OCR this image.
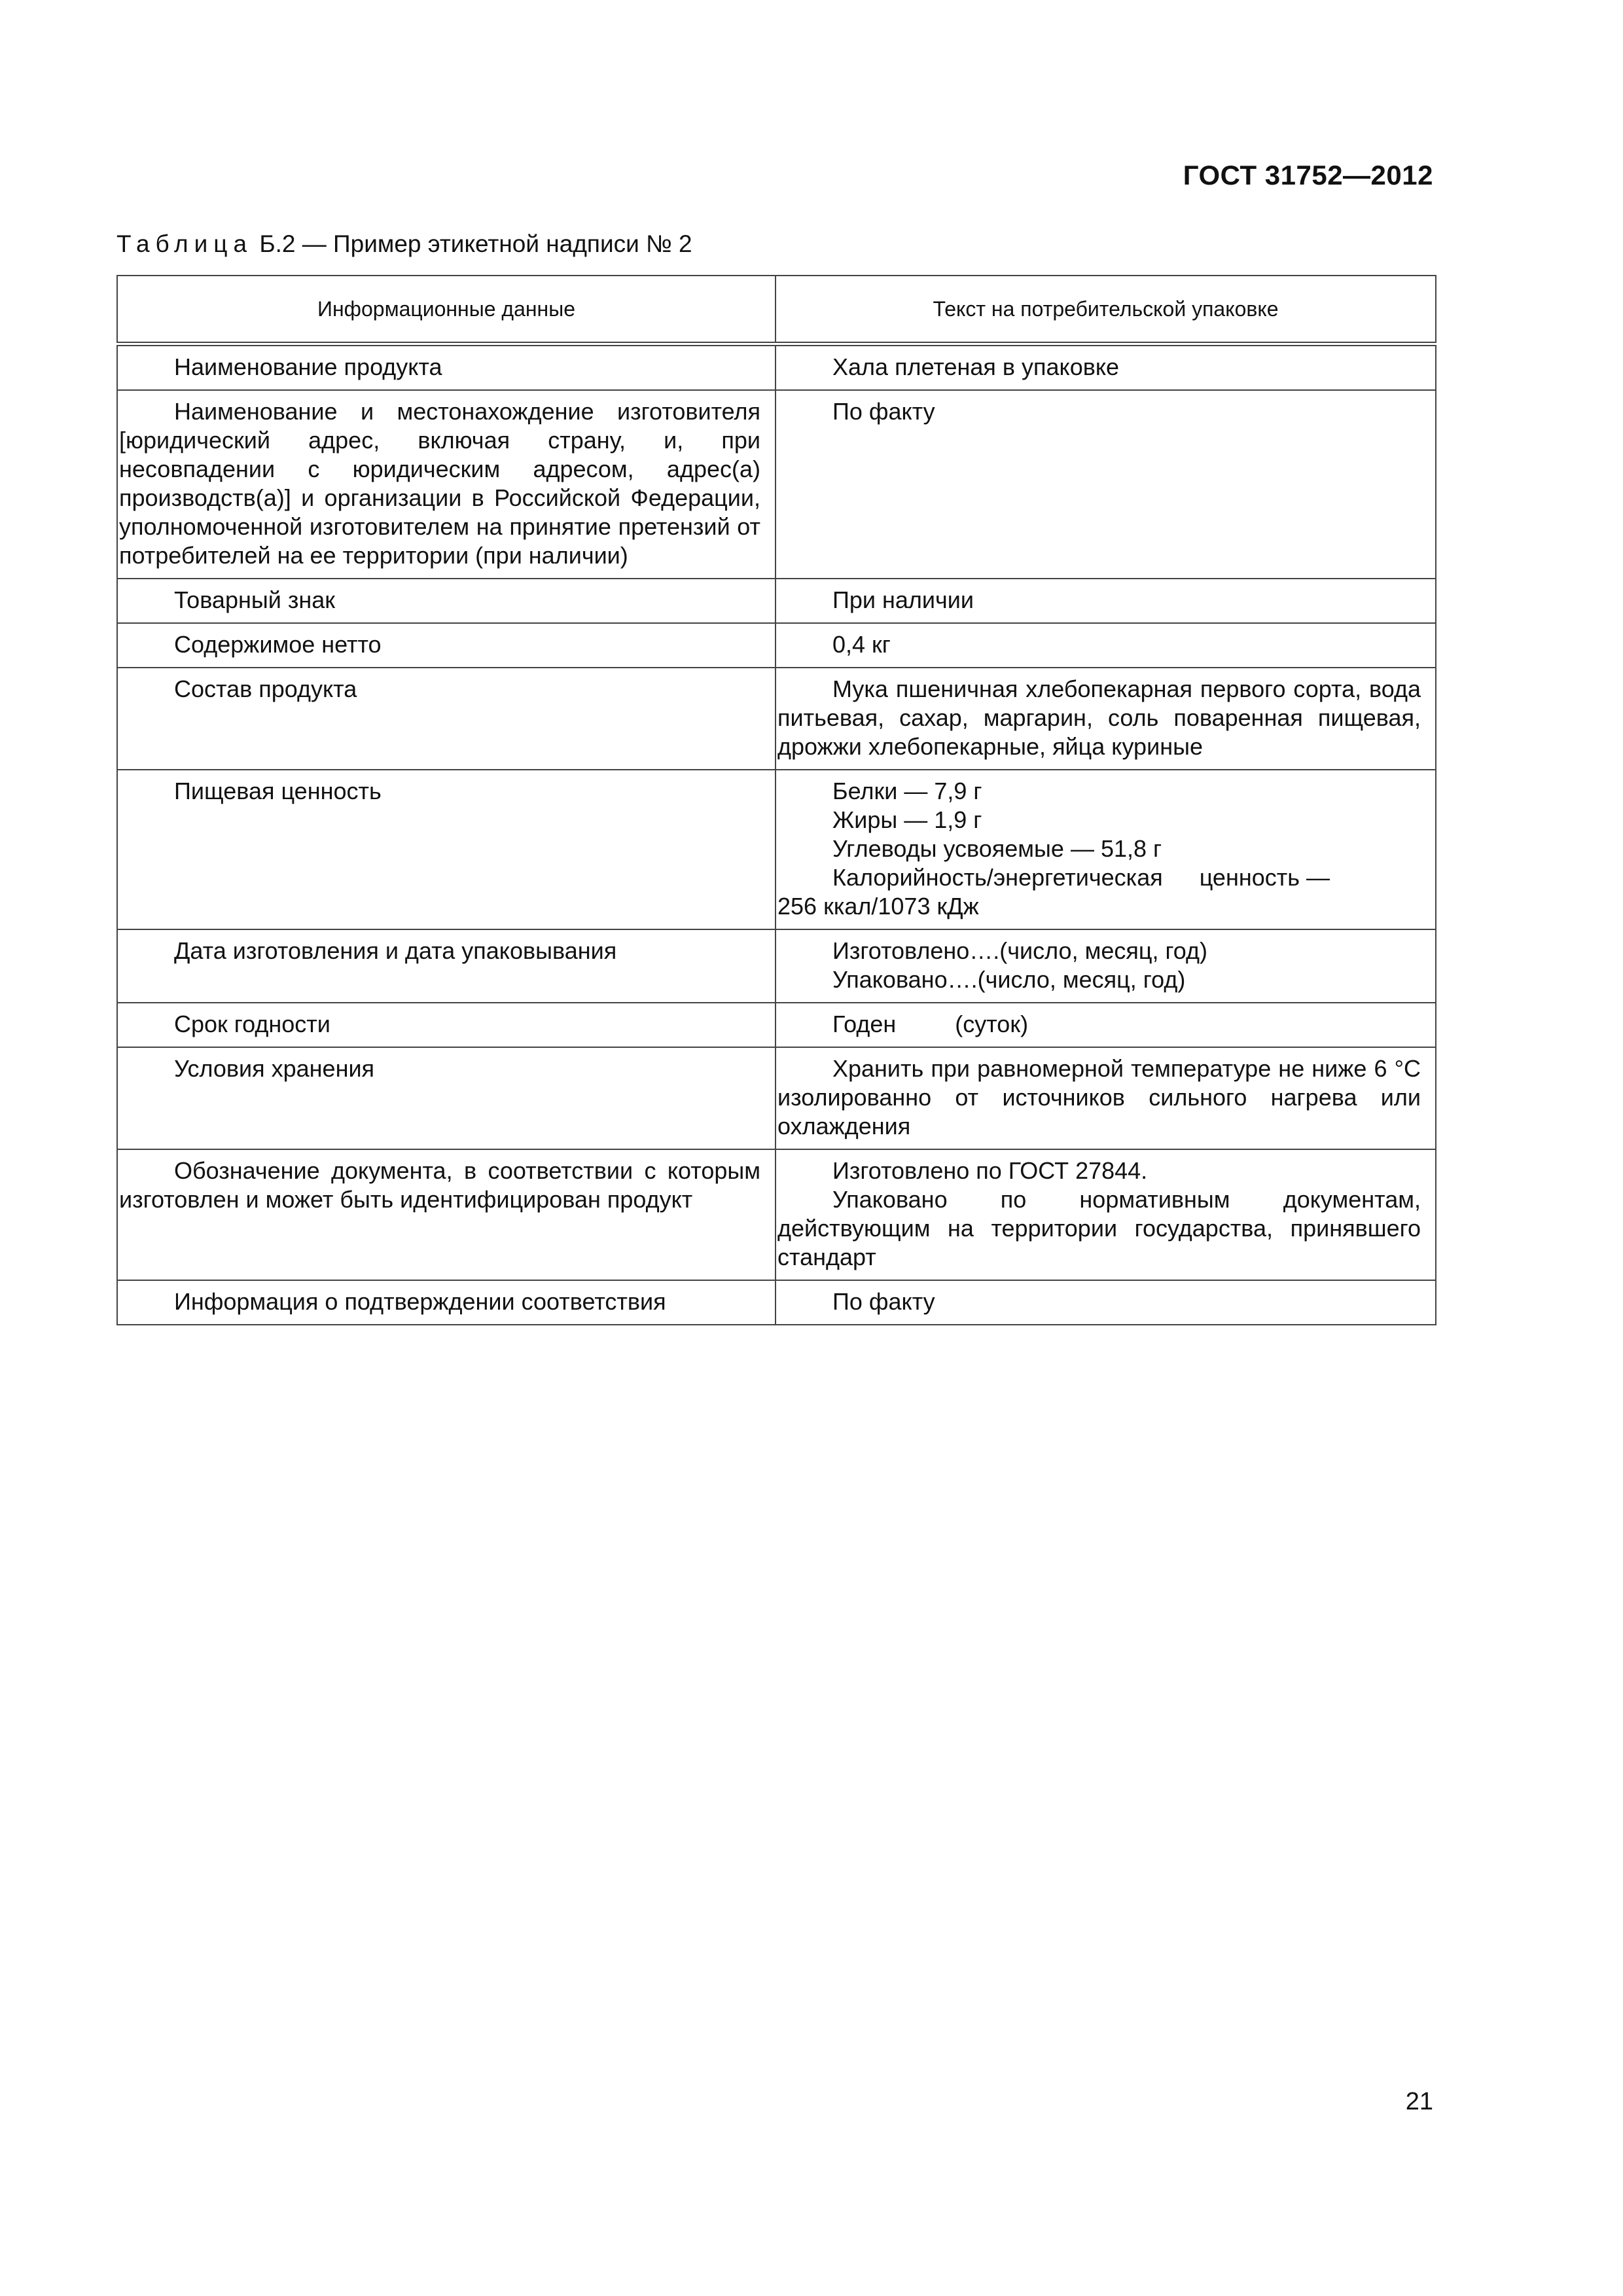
ГОСТ 31752—2012
Таблица Б.2 — Пример этикетной надписи № 2
Информационные данные	Текст на потребительской упаковке

Наименование продукта	Хала плетеная в упаковке

Наименование и местонахождение изготовителя [юридический адрес, включая страну, и, при несовпадении с юридическим адресом, адрес(а) производств(а)] и организации в Российской Федерации, уполномоченной изготовителем на принятие претензий от потребителей на ее территории (при наличии)	По факту

Товарный знак	При наличии

Содержимое нетто	0,4 кг

Состав продукта	Мука пшеничная хлебопекарная первого сорта, вода питьевая, сахар, маргарин, соль поваренная пищевая, дрожжи хлебопекарные, яйца куриные

Пищевая ценность	Белки — 7,9 г
Жиры — 1,9 г
Углеводы усвояемые — 51,8 г
Калорийность/энергетическая ценность —
256 ккал/1073 кДж

Дата изготовления и дата упаковывания	Изготовлено….(число, месяц, год)
Упаковано….(число, месяц, год)

Срок годности	Годен (суток)

Условия хранения	Хранить при равномерной температуре не ниже 6 °С изолированно от источников сильного нагрева или охлаждения

Обозначение документа, в соответствии с которым изготовлен и может быть идентифицирован продукт	Изготовлено по ГОСТ 27844.
Упаковано по нормативным документам, действующим на территории государства, принявшего стандарт

Информация о подтверждении соответствия	По факту
21
